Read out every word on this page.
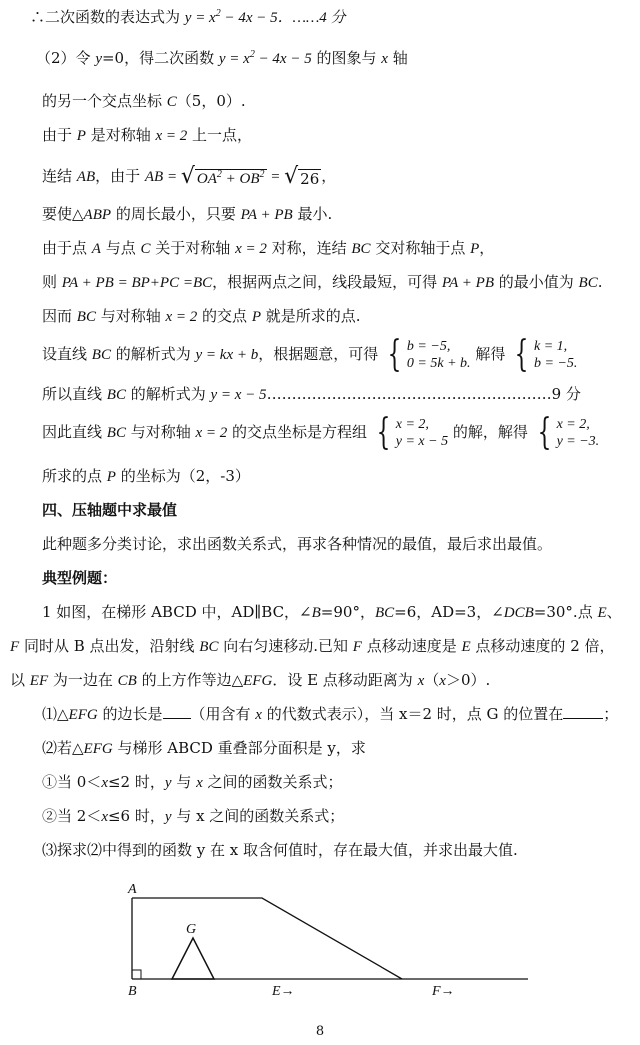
∴二次函数的表达式为 $y = x^2 - 4x - 5$．……4 分
（2）令 y=0，得二次函数 $y = x^2 - 4x - 5$ 的图象与 x 轴
的另一个交点坐标 C（5，0）.
由于 P 是对称轴 x = 2 上一点，
连结 AB，由于 AB = √ $OA^2 + OB^2$ = √ 26 ，
要使△ABP 的周长最小，只要 PA + PB 最小.
由于点 A 与点 C 关于对称轴 x = 2 对称，连结 BC 交对称轴于点 P，
则 PA + PB = BP+PC =BC，根据两点之间，线段最短，可得 PA + PB 的最小值为 BC.
因而 BC 与对称轴 x = 2 的交点 P 就是所求的点.
设直线 BC 的解析式为 y = kx + b，根据题意，可得 { b = −5,
0 = 5k + b.
解得 { k = 1,
b = −5.
所以直线 BC 的解析式为 y = x − 5…………………………………………………9 分
因此直线 BC 与对称轴 x = 2 的交点坐标是方程组 { x = 2,
y = x − 5
的解，解得 { x = 2,
y = −3.
所求的点 P 的坐标为（2，-3）
四、压轴题中求最值
此种题多分类讨论，求出函数关系式，再求各种情况的最值，最后求出最值。
典型例题：
1 如图，在梯形 ABCD 中，AD∥BC，∠B=90°，BC=6，AD=3，∠DCB=30°.点 E、
F 同时从 B 点出发，沿射线 BC 向右匀速移动.已知 F 点移动速度是 E 点移动速度的 2 倍，
以 EF 为一边在 CB 的上方作等边△EFG．设 E 点移动距离为 x（x＞0）.
⑴△EFG 的边长是 （用含有 x 的代数式表示），当 x＝2 时，点 G 的位置在	；
⑵若△EFG 与梯形 ABCD 重叠部分面积是 y，求
①当 0＜x≤2 时，y 与 x 之间的函数关系式；
②当 2＜x≤6 时，y 与 x 之间的函数关系式；
⑶探求⑵中得到的函数 y 在 x 取含何值时，存在最大值，并求出最大值.
A
B
G
E→	F→
8
